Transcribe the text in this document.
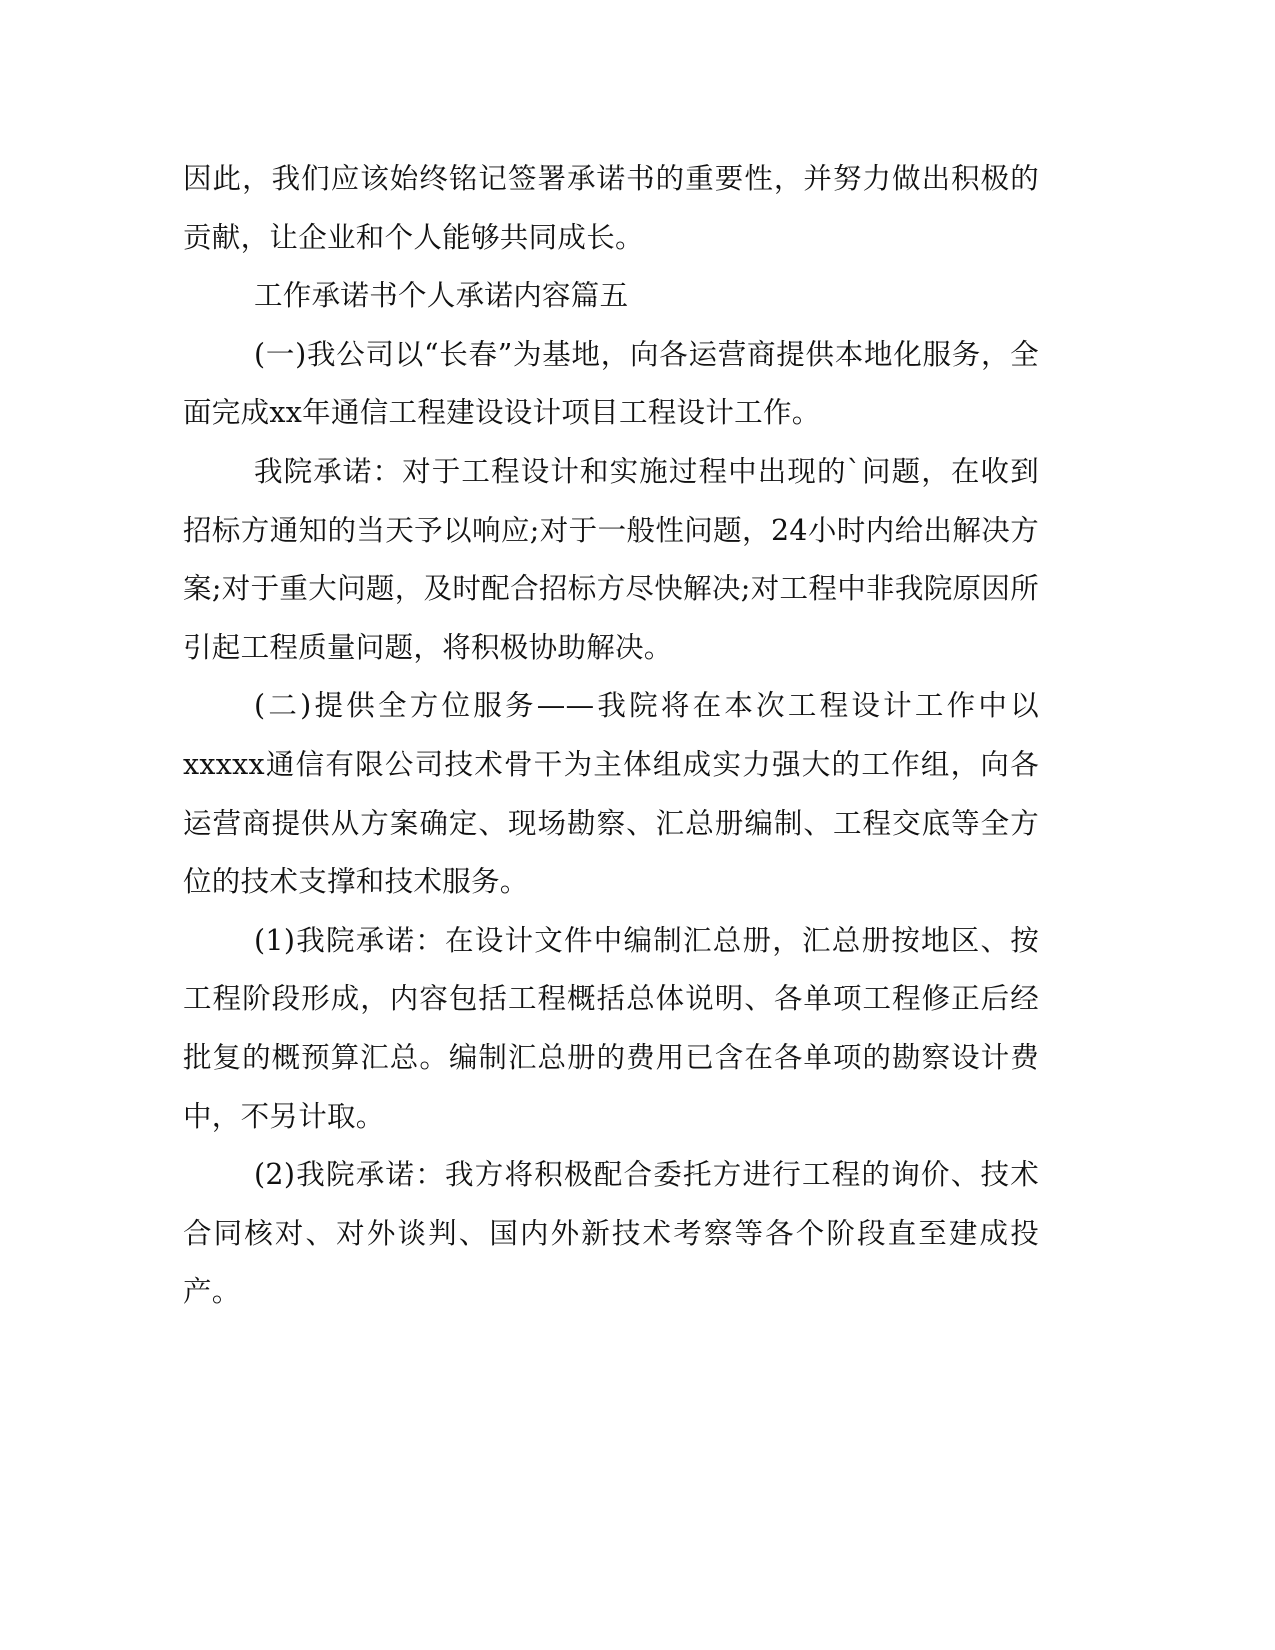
因此，我们应该始终铭记签署承诺书的重要性，并努力做出积极的贡献，让企业和个人能够共同成长。

工作承诺书个人承诺内容篇五

(一)我公司以“长春”为基地，向各运营商提供本地化服务，全面完成xx年通信工程建设设计项目工程设计工作。

我院承诺：对于工程设计和实施过程中出现的`问题，在收到招标方通知的当天予以响应;对于一般性问题，24小时内给出解决方案;对于重大问题，及时配合招标方尽快解决;对工程中非我院原因所引起工程质量问题，将积极协助解决。

(二)提供全方位服务——我院将在本次工程设计工作中以xxxxx通信有限公司技术骨干为主体组成实力强大的工作组，向各运营商提供从方案确定、现场勘察、汇总册编制、工程交底等全方位的技术支撑和技术服务。

(1)我院承诺：在设计文件中编制汇总册，汇总册按地区、按工程阶段形成，内容包括工程概括总体说明、各单项工程修正后经批复的概预算汇总。编制汇总册的费用已含在各单项的勘察设计费中，不另计取。

(2)我院承诺：我方将积极配合委托方进行工程的询价、技术合同核对、对外谈判、国内外新技术考察等各个阶段直至建成投产。
